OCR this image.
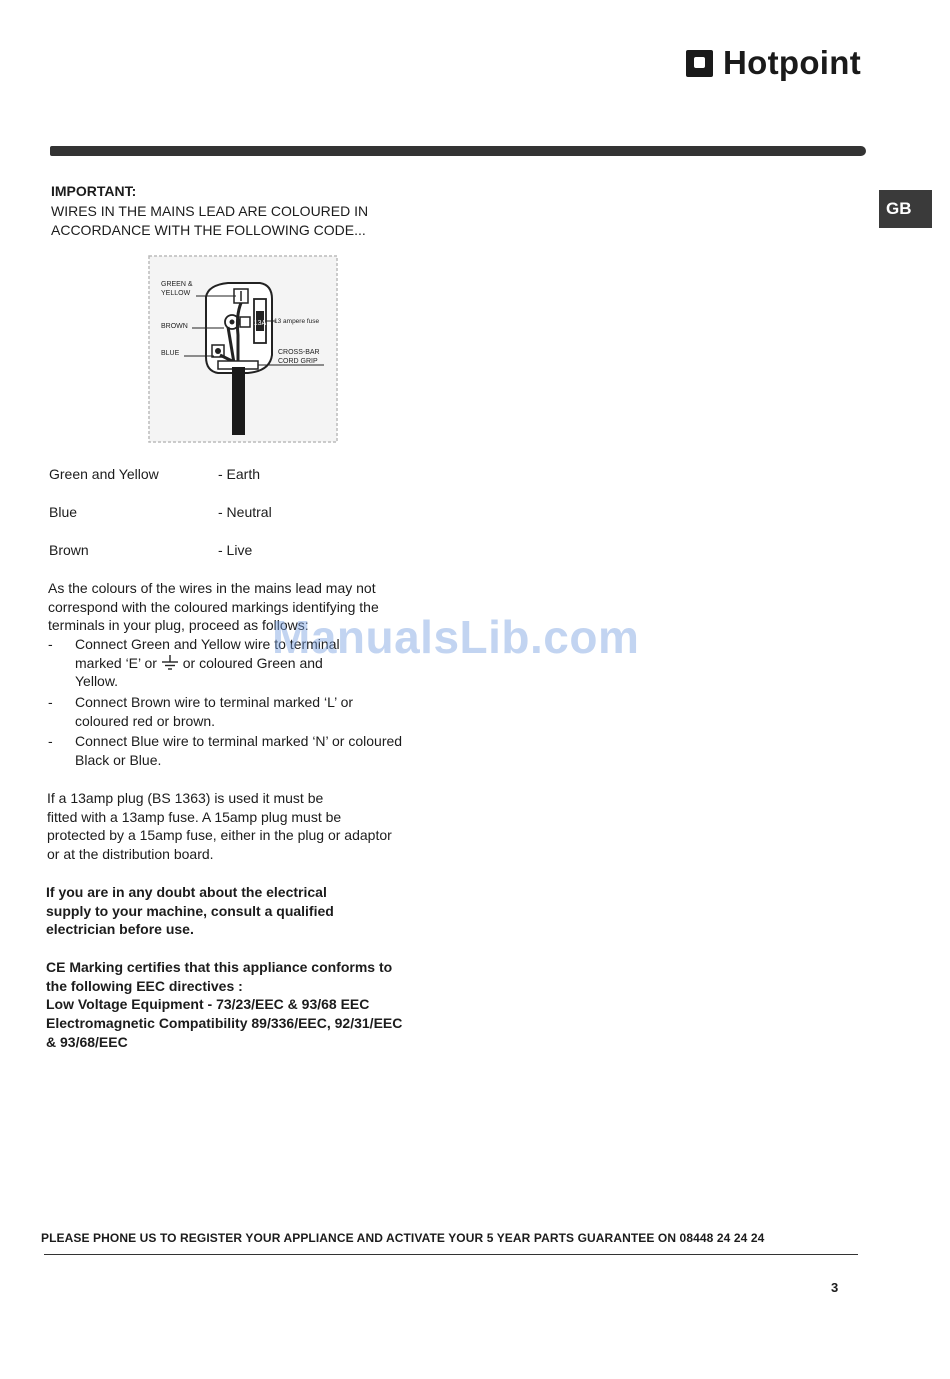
Hotpoint
GB
IMPORTANT:
WIRES IN THE MAINS LEAD ARE COLOURED IN
ACCORDANCE WITH THE FOLLOWING CODE...
13A
GREEN &
YELLOW
BROWN
BLUE
13 ampere fuse
CROSS-BAR
CORD GRIP
Green and Yellow	- Earth
Blue	- Neutral
Brown	- Live
As the colours of the wires in the mains lead may not
correspond with the coloured markings identifying the
terminals in your plug, proceed as follows:
- Connect Green and Yellow wire to terminal
marked ‘E’ or or coloured Green and
Yellow.
- Connect Brown wire to terminal marked ‘L’ or
coloured red or brown.
- Connect Blue wire to terminal marked ‘N’ or coloured
Black or Blue.
If a 13amp plug (BS 1363) is used it must be
fitted with a 13amp fuse. A 15amp plug must be
protected by a 15amp fuse, either in the plug or adaptor
or at the distribution board.
If you are in any doubt about the electrical
supply to your machine, consult a qualified
electrician before use.
CE Marking certifies that this appliance conforms to
the following EEC directives :
Low Voltage Equipment - 73/23/EEC & 93/68 EEC
Electromagnetic Compatibility 89/336/EEC, 92/31/EEC
& 93/68/EEC
ManualsLib.com
PLEASE PHONE US TO REGISTER YOUR APPLIANCE AND ACTIVATE YOUR 5 YEAR PARTS GUARANTEE ON 08448 24 24 24
3
